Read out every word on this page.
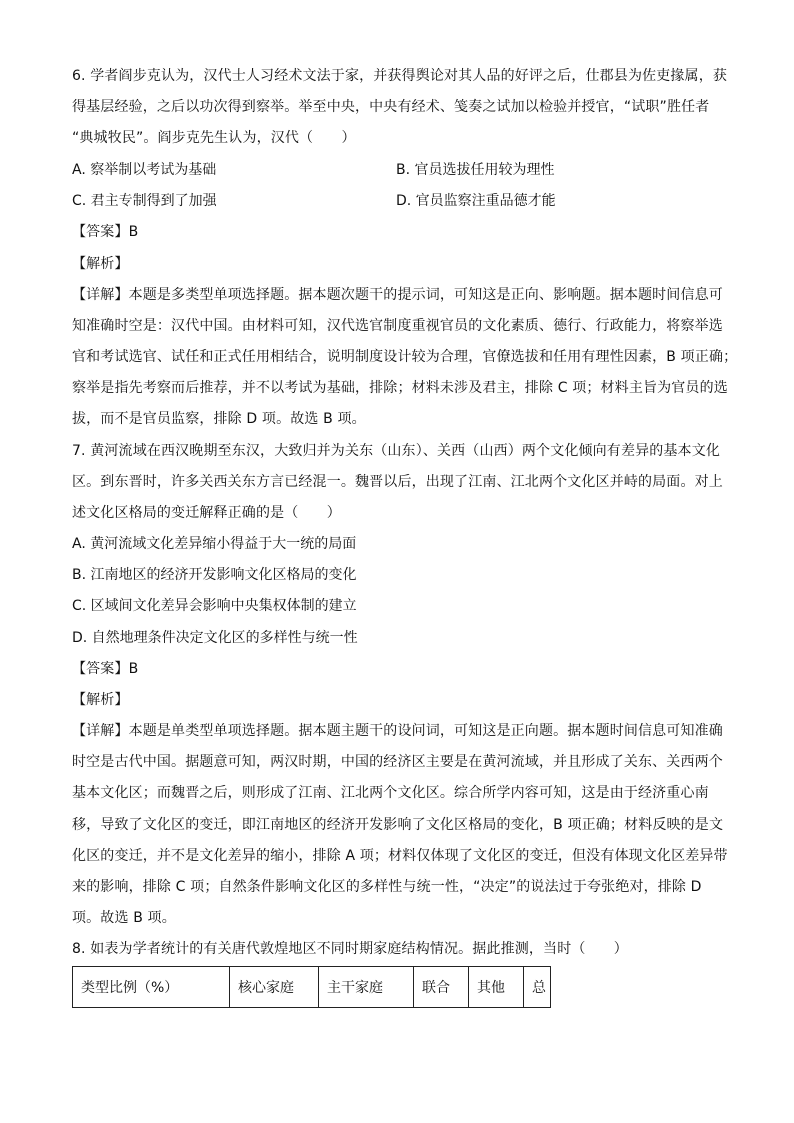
6. 学者阎步克认为，汉代士人习经术文法于家，并获得舆论对其人品的好评之后，仕郡县为佐吏掾属，获
得基层经验，之后以功次得到察举。举至中央，中央有经术、笺奏之试加以检验并授官，“试职”胜任者
“典城牧民”。阎步克先生认为，汉代（　　）
A. 察举制以考试为基础	B. 官员选拔任用较为理性
C. 君主专制得到了加强	D. 官员监察注重品德才能
【答案】B
【解析】
【详解】本题是多类型单项选择题。据本题次题干的提示词，可知这是正向、影响题。据本题时间信息可
知准确时空是：汉代中国。由材料可知，汉代选官制度重视官员的文化素质、德行、行政能力，将察举选
官和考试选官、试任和正式任用相结合，说明制度设计较为合理，官僚选拔和任用有理性因素，B 项正确；
察举是指先考察而后推荐，并不以考试为基础，排除；材料未涉及君主，排除 C 项；材料主旨为官员的选
拔，而不是官员监察，排除 D 项。故选 B 项。
7. 黄河流域在西汉晚期至东汉，大致归并为关东（山东）、关西（山西）两个文化倾向有差异的基本文化
区。到东晋时，许多关西关东方言已经混一。魏晋以后，出现了江南、江北两个文化区并峙的局面。对上
述文化区格局的变迁解释正确的是（　　）
A. 黄河流域文化差异缩小得益于大一统的局面
B. 江南地区的经济开发影响文化区格局的变化
C. 区域间文化差异会影响中央集权体制的建立
D. 自然地理条件决定文化区的多样性与统一性
【答案】B
【解析】
【详解】本题是单类型单项选择题。据本题主题干的设问词，可知这是正向题。据本题时间信息可知准确
时空是古代中国。据题意可知，两汉时期，中国的经济区主要是在黄河流域，并且形成了关东、关西两个
基本文化区；而魏晋之后，则形成了江南、江北两个文化区。综合所学内容可知，这是由于经济重心南
移，导致了文化区的变迁，即江南地区的经济开发影响了文化区格局的变化，B 项正确；材料反映的是文
化区的变迁，并不是文化差异的缩小，排除 A 项；材料仅体现了文化区的变迁，但没有体现文化区差异带
来的影响，排除 C 项；自然条件影响文化区的多样性与统一性，“决定”的说法过于夸张绝对，排除 D
项。故选 B 项。
8. 如表为学者统计的有关唐代敦煌地区不同时期家庭结构情况。据此推测，当时（　　）
类型比例（%）	核心家庭	主干家庭	联合	其他	总
